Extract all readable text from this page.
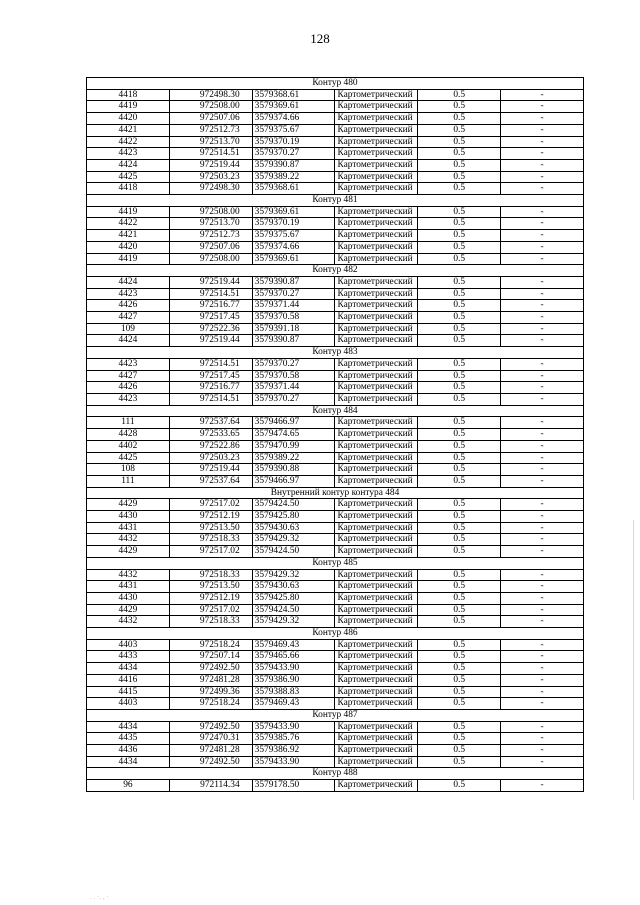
128
Контур 480					
4418	972498.30	3579368.61	Картометрический	0.5	-
4419	972508.00	3579369.61	Картометрический	0.5	-
4420	972507.06	3579374.66	Картометрический	0.5	-
4421	972512.73	3579375.67	Картометрический	0.5	-
4422	972513.70	3579370.19	Картометрический	0.5	-
4423	972514.51	3579370.27	Картометрический	0.5	-
4424	972519.44	3579390.87	Картометрический	0.5	-
4425	972503.23	3579389.22	Картометрический	0.5	-
4418	972498.30	3579368.61	Картометрический	0.5	-
Контур 481					
4419	972508.00	3579369.61	Картометрический	0.5	-
4422	972513.70	3579370.19	Картометрический	0.5	-
4421	972512.73	3579375.67	Картометрический	0.5	-
4420	972507.06	3579374.66	Картометрический	0.5	-
4419	972508.00	3579369.61	Картометрический	0.5	-
Контур 482					
4424	972519.44	3579390.87	Картометрический	0.5	-
4423	972514.51	3579370.27	Картометрический	0.5	-
4426	972516.77	3579371.44	Картометрический	0.5	-
4427	972517.45	3579370.58	Картометрический	0.5	-
109	972522.36	3579391.18	Картометрический	0.5	-
4424	972519.44	3579390.87	Картометрический	0.5	-
Контур 483					
4423	972514.51	3579370.27	Картометрический	0.5	-
4427	972517.45	3579370.58	Картометрический	0.5	-
4426	972516.77	3579371.44	Картометрический	0.5	-
4423	972514.51	3579370.27	Картометрический	0.5	-
Контур 484					
111	972537.64	3579466.97	Картометрический	0.5	-
4428	972533.65	3579474.65	Картометрический	0.5	-
4402	972522.86	3579470.99	Картометрический	0.5	-
4425	972503.23	3579389.22	Картометрический	0.5	-
108	972519.44	3579390.88	Картометрический	0.5	-
111	972537.64	3579466.97	Картометрический	0.5	-
Внутренний контур контура 484					
4429	972517.02	3579424.50	Картометрический	0.5	-
4430	972512.19	3579425.80	Картометрический	0.5	-
4431	972513.50	3579430.63	Картометрический	0.5	-
4432	972518.33	3579429.32	Картометрический	0.5	-
4429	972517.02	3579424.50	Картометрический	0.5	-
Контур 485					
4432	972518.33	3579429.32	Картометрический	0.5	-
4431	972513.50	3579430.63	Картометрический	0.5	-
4430	972512.19	3579425.80	Картометрический	0.5	-
4429	972517.02	3579424.50	Картометрический	0.5	-
4432	972518.33	3579429.32	Картометрический	0.5	-
Контур 486					
4403	972518.24	3579469.43	Картометрический	0.5	-
4433	972507.14	3579465.66	Картометрический	0.5	-
4434	972492.50	3579433.90	Картометрический	0.5	-
4416	972481.28	3579386.90	Картометрический	0.5	-
4415	972499.36	3579388.83	Картометрический	0.5	-
4403	972518.24	3579469.43	Картометрический	0.5	-
Контур 487					
4434	972492.50	3579433.90	Картометрический	0.5	-
4435	972470.31	3579385.76	Картометрический	0.5	-
4436	972481.28	3579386.92	Картометрический	0.5	-
4434	972492.50	3579433.90	Картометрический	0.5	-
Контур 488					
96	972114.34	3579178.50	Картометрический	0.5	-
. . ·. , ·
